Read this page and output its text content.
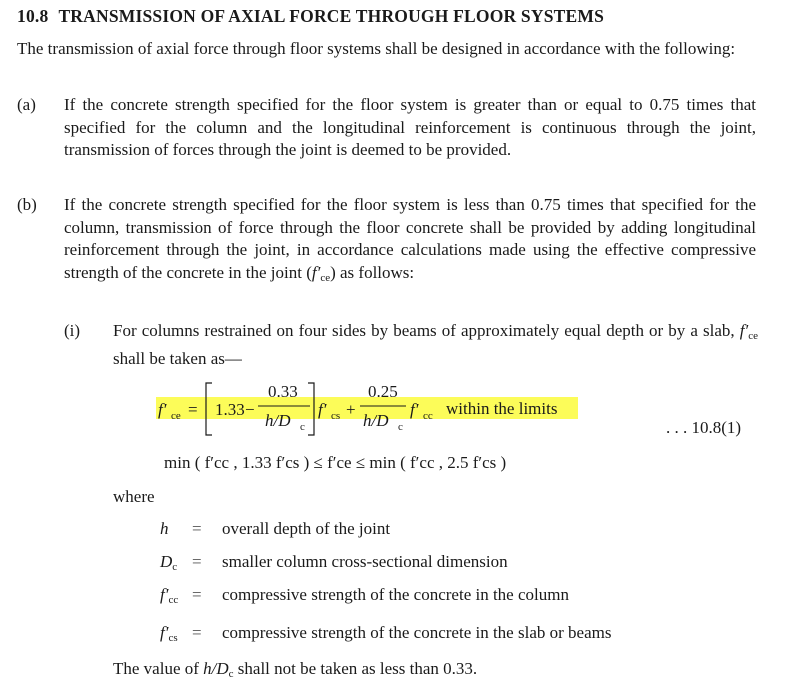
10.8 TRANSMISSION OF AXIAL FORCE THROUGH FLOOR SYSTEMS
The transmission of axial force through floor systems shall be designed in accordance with the following:
(a) If the concrete strength specified for the floor system is greater than or equal to 0.75 times that specified for the column and the longitudinal reinforcement is continuous through the joint, transmission of forces through the joint is deemed to be provided.
(b) If the concrete strength specified for the floor system is less than 0.75 times that specified for the column, transmission of force through the floor concrete shall be provided by adding longitudinal reinforcement through the joint, in accordance calculations made using the effective compressive strength of the concrete in the joint $(f'_{ce})$ as follows:
(i) For columns restrained on four sides by beams of approximately equal depth or by a slab, $f'_{ce}$ shall be taken as—
f′ ce = 1.33 −
0.33
h/D c
f′ cs +
0.25
h/D c
f′ cc within the limits
min ( f′cc , 1.33 f′cs ) ≤ f′ce ≤ min ( f′cc , 2.5 f′cs )
. . . 10.8(1)
where
h = overall depth of the joint
$D_c$ = smaller column cross-sectional dimension
$f'_{cc}$ = compressive strength of the concrete in the column
$f'_{cs}$ = compressive strength of the concrete in the slab or beams
The value of $h/D_c$ shall not be taken as less than 0.33.
